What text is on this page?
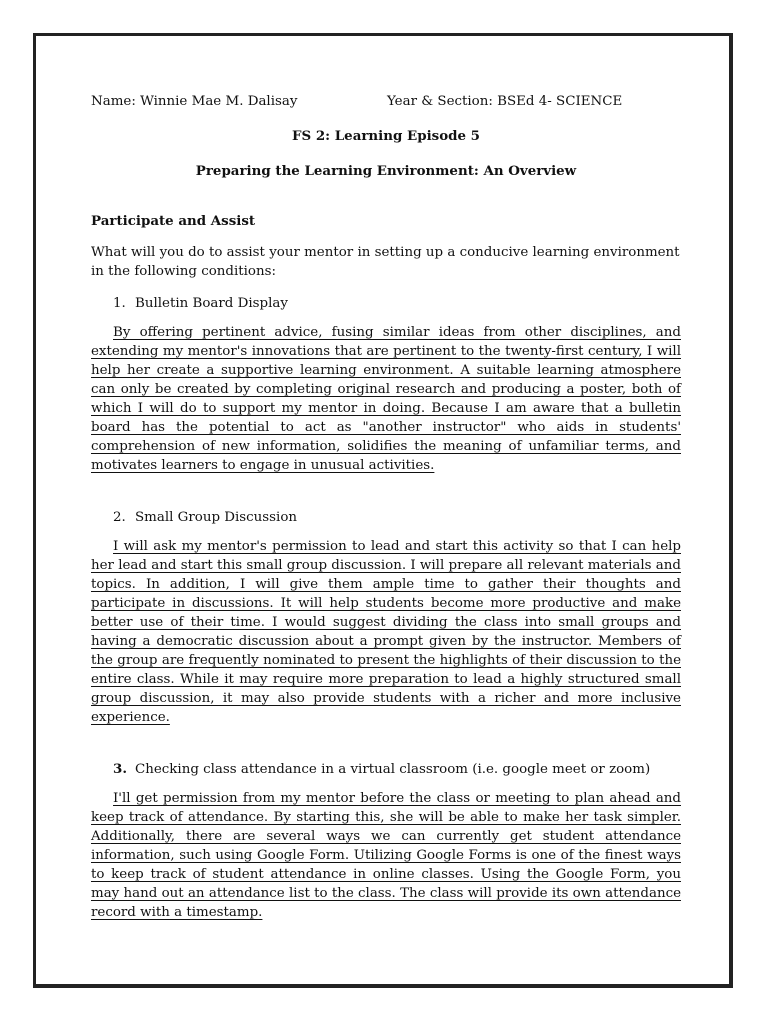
Name: Winnie Mae M. Dalisay	Year & Section: BSEd 4- SCIENCE

FS 2: Learning Episode 5

Preparing the Learning Environment: An Overview

Participate and Assist

What will you do to assist your mentor in setting up a conducive learning environment in the following conditions:

1. Bulletin Board Display

By offering pertinent advice, fusing similar ideas from other disciplines, and extending my mentor's innovations that are pertinent to the twenty-first century, I will help her create a supportive learning environment. A suitable learning atmosphere can only be created by completing original research and producing a poster, both of which I will do to support my mentor in doing. Because I am aware that a bulletin board has the potential to act as "another instructor" who aids in students' comprehension of new information, solidifies the meaning of unfamiliar terms, and motivates learners to engage in unusual activities.

2. Small Group Discussion

I will ask my mentor's permission to lead and start this activity so that I can help her lead and start this small group discussion. I will prepare all relevant materials and topics. In addition, I will give them ample time to gather their thoughts and participate in discussions. It will help students become more productive and make better use of their time. I would suggest dividing the class into small groups and having a democratic discussion about a prompt given by the instructor. Members of the group are frequently nominated to present the highlights of their discussion to the entire class. While it may require more preparation to lead a highly structured small group discussion, it may also provide students with a richer and more inclusive experience.

3. Checking class attendance in a virtual classroom (i.e. google meet or zoom)

I'll get permission from my mentor before the class or meeting to plan ahead and keep track of attendance. By starting this, she will be able to make her task simpler. Additionally, there are several ways we can currently get student attendance information, such using Google Form. Utilizing Google Forms is one of the finest ways to keep track of student attendance in online classes. Using the Google Form, you may hand out an attendance list to the class. The class will provide its own attendance record with a timestamp.
